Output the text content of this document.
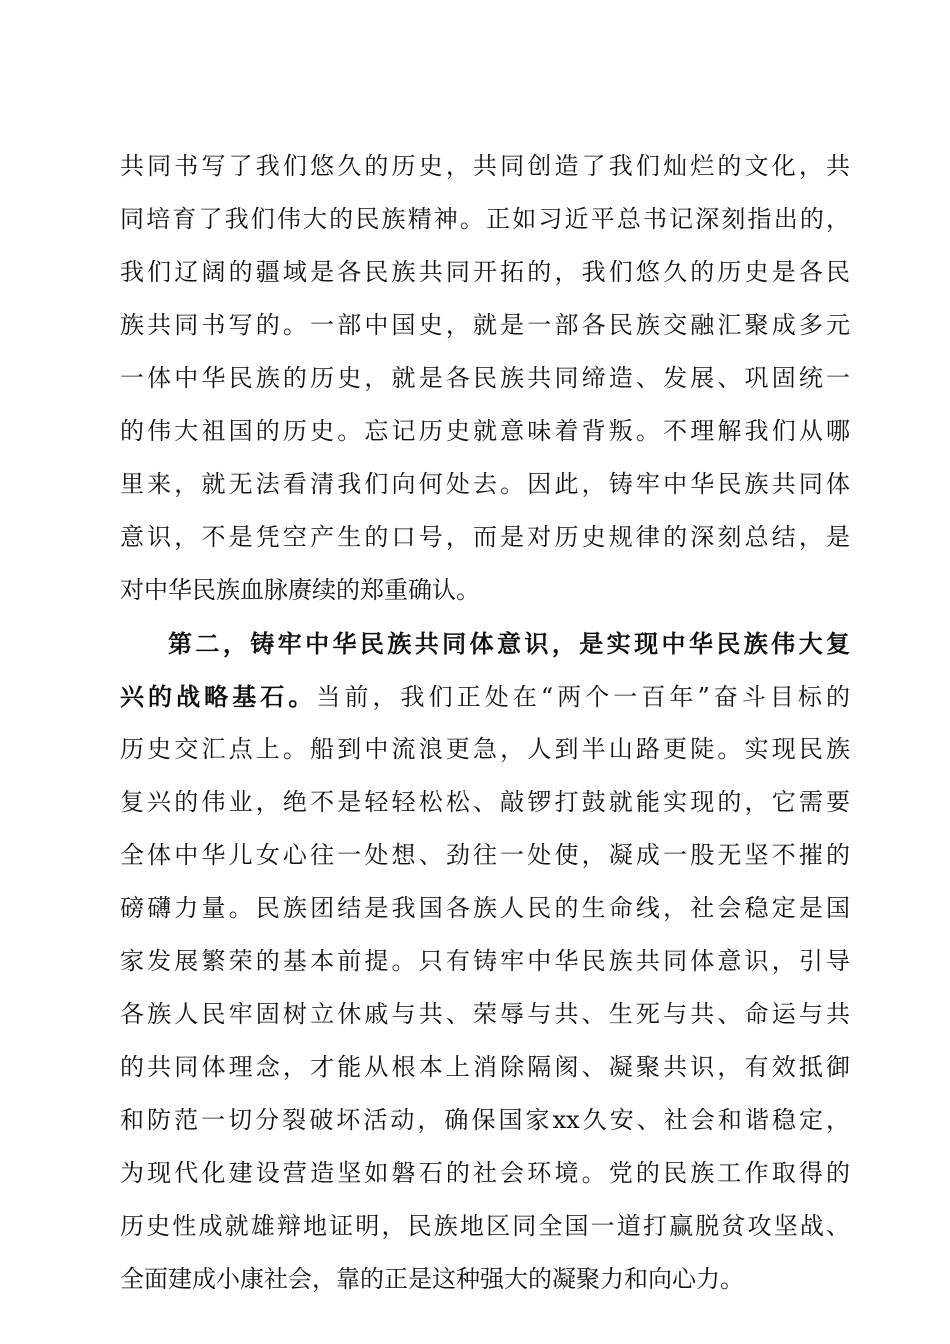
共同书写了我们悠久的历史，共同创造了我们灿烂的文化，共
同培育了我们伟大的民族精神。正如习近平总书记深刻指出的，
我们辽阔的疆域是各民族共同开拓的，我们悠久的历史是各民
族共同书写的。一部中国史，就是一部各民族交融汇聚成多元
一体中华民族的历史，就是各民族共同缔造、发展、巩固统一
的伟大祖国的历史。忘记历史就意味着背叛。不理解我们从哪
里来，就无法看清我们向何处去。因此，铸牢中华民族共同体
意识，不是凭空产生的口号，而是对历史规律的深刻总结，是
对中华民族血脉赓续的郑重确认。
第二，铸牢中华民族共同体意识，是实现中华民族伟大复
兴的战略基石。当前，我们正处在“两个一百年”奋斗目标的
历史交汇点上。船到中流浪更急，人到半山路更陡。实现民族
复兴的伟业，绝不是轻轻松松、敲锣打鼓就能实现的，它需要
全体中华儿女心往一处想、劲往一处使，凝成一股无坚不摧的
磅礴力量。民族团结是我国各族人民的生命线，社会稳定是国
家发展繁荣的基本前提。只有铸牢中华民族共同体意识，引导
各族人民牢固树立休戚与共、荣辱与共、生死与共、命运与共
的共同体理念，才能从根本上消除隔阂、凝聚共识，有效抵御
和防范一切分裂破坏活动，确保国家xx久安、社会和谐稳定，
为现代化建设营造坚如磐石的社会环境。党的民族工作取得的
历史性成就雄辩地证明，民族地区同全国一道打赢脱贫攻坚战、
全面建成小康社会，靠的正是这种强大的凝聚力和向心力。
